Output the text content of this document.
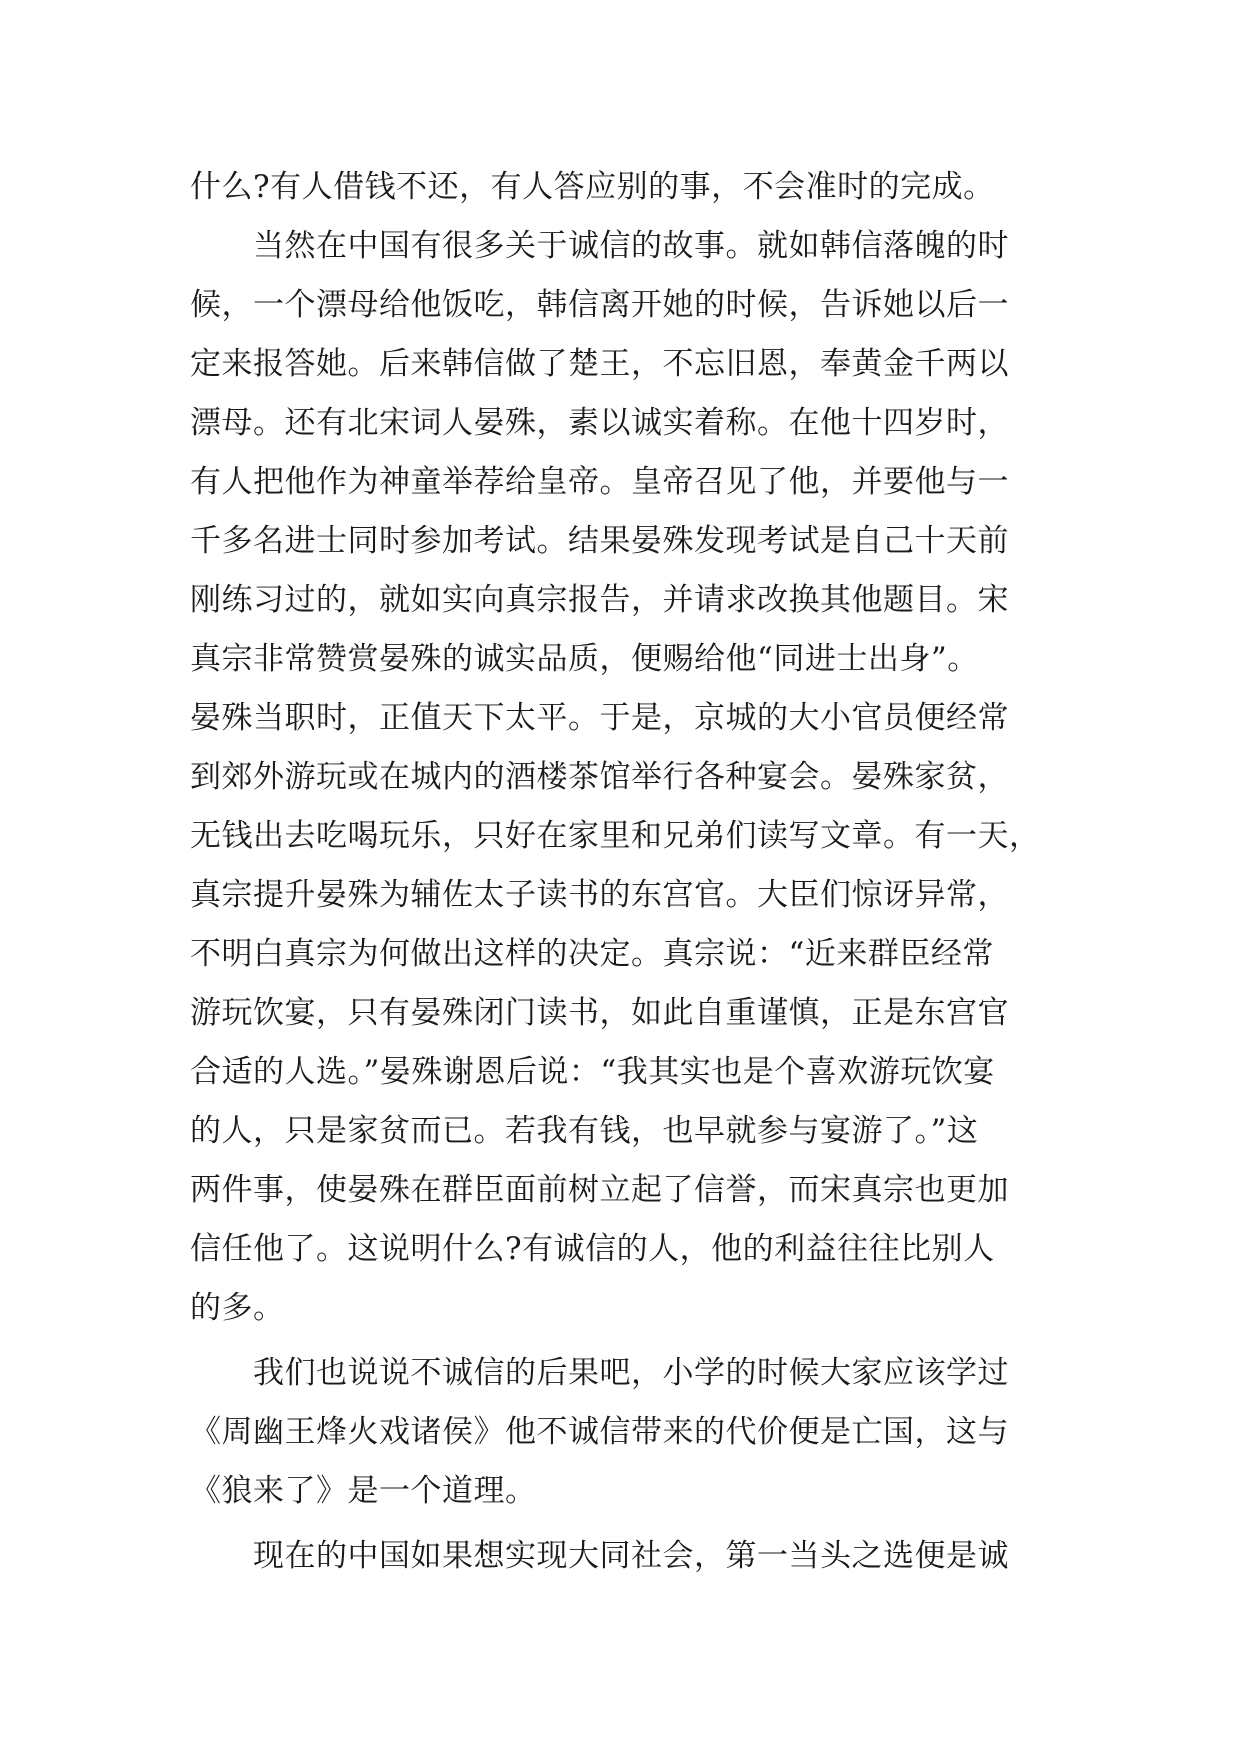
什么?有人借钱不还，有人答应别的事，不会准时的完成。
　　当然在中国有很多关于诚信的故事。就如韩信落魄的时
候，一个漂母给他饭吃，韩信离开她的时候，告诉她以后一
定来报答她。后来韩信做了楚王，不忘旧恩，奉黄金千两以
漂母。还有北宋词人晏殊，素以诚实着称。在他十四岁时，
有人把他作为神童举荐给皇帝。皇帝召见了他，并要他与一
千多名进士同时参加考试。结果晏殊发现考试是自己十天前
刚练习过的，就如实向真宗报告，并请求改换其他题目。宋
真宗非常赞赏晏殊的诚实品质，便赐给他“同进士出身”。
晏殊当职时，正值天下太平。于是，京城的大小官员便经常
到郊外游玩或在城内的酒楼茶馆举行各种宴会。晏殊家贫，
无钱出去吃喝玩乐，只好在家里和兄弟们读写文章。有一天，
真宗提升晏殊为辅佐太子读书的东宫官。大臣们惊讶异常，
不明白真宗为何做出这样的决定。真宗说：“近来群臣经常
游玩饮宴，只有晏殊闭门读书，如此自重谨慎，正是东宫官
合适的人选。”晏殊谢恩后说：“我其实也是个喜欢游玩饮宴
的人，只是家贫而已。若我有钱，也早就参与宴游了。”这
两件事，使晏殊在群臣面前树立起了信誉，而宋真宗也更加
信任他了。这说明什么?有诚信的人，他的利益往往比别人
的多。
　　我们也说说不诚信的后果吧，小学的时候大家应该学过
《周幽王烽火戏诸侯》他不诚信带来的代价便是亡国，这与
《狼来了》是一个道理。
　　现在的中国如果想实现大同社会，第一当头之选便是诚
